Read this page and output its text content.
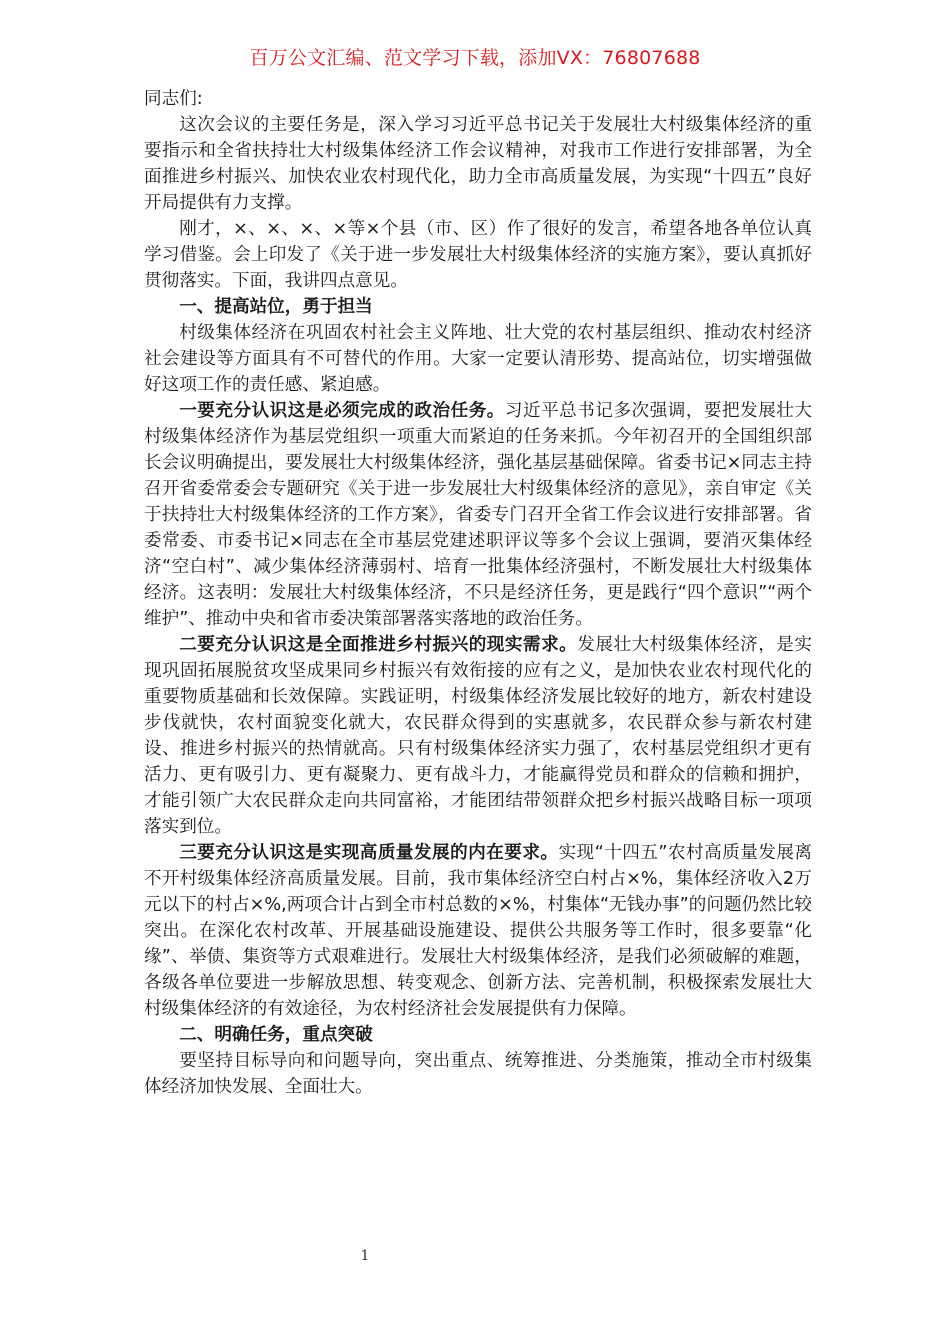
百万公文汇编、范文学习下载，添加VX：76807688

同志们:

这次会议的主要任务是，深入学习习近平总书记关于发展壮大村级集体经济的重要指示和全省扶持壮大村级集体经济工作会议精神，对我市工作进行安排部署，为全面推进乡村振兴、加快农业农村现代化，助力全市高质量发展，为实现“十四五”良好开局提供有力支撑。

刚才，×、×、×、×等×个县（市、区）作了很好的发言，希望各地各单位认真学习借鉴。会上印发了《关于进一步发展壮大村级集体经济的实施方案》，要认真抓好贯彻落实。下面，我讲四点意见。

一、提高站位，勇于担当

村级集体经济在巩固农村社会主义阵地、壮大党的农村基层组织、推动农村经济社会建设等方面具有不可替代的作用。大家一定要认清形势、提高站位，切实增强做好这项工作的责任感、紧迫感。

一要充分认识这是必须完成的政治任务。习近平总书记多次强调，要把发展壮大村级集体经济作为基层党组织一项重大而紧迫的任务来抓。今年初召开的全国组织部长会议明确提出，要发展壮大村级集体经济，强化基层基础保障。省委书记×同志主持召开省委常委会专题研究《关于进一步发展壮大村级集体经济的意见》，亲自审定《关于扶持壮大村级集体经济的工作方案》，省委专门召开全省工作会议进行安排部署。省委常委、市委书记×同志在全市基层党建述职评议等多个会议上强调，要消灭集体经济“空白村”、减少集体经济薄弱村、培育一批集体经济强村，不断发展壮大村级集体经济。这表明：发展壮大村级集体经济，不只是经济任务，更是践行“四个意识”“两个维护”、推动中央和省市委决策部署落实落地的政治任务。

二要充分认识这是全面推进乡村振兴的现实需求。发展壮大村级集体经济，是实现巩固拓展脱贫攻坚成果同乡村振兴有效衔接的应有之义，是加快农业农村现代化的重要物质基础和长效保障。实践证明，村级集体经济发展比较好的地方，新农村建设步伐就快，农村面貌变化就大，农民群众得到的实惠就多，农民群众参与新农村建设、推进乡村振兴的热情就高。只有村级集体经济实力强了，农村基层党组织才更有活力、更有吸引力、更有凝聚力、更有战斗力，才能赢得党员和群众的信赖和拥护，才能引领广大农民群众走向共同富裕，才能团结带领群众把乡村振兴战略目标一项项落实到位。

三要充分认识这是实现高质量发展的内在要求。实现“十四五”农村高质量发展离不开村级集体经济高质量发展。目前，我市集体经济空白村占×%，集体经济收入2万元以下的村占×%,两项合计占到全市村总数的×%，村集体“无钱办事”的问题仍然比较突出。在深化农村改革、开展基础设施建设、提供公共服务等工作时，很多要靠“化缘”、举债、集资等方式艰难进行。发展壮大村级集体经济，是我们必须破解的难题，各级各单位要进一步解放思想、转变观念、创新方法、完善机制，积极探索发展壮大村级集体经济的有效途径，为农村经济社会发展提供有力保障。

二、明确任务，重点突破

要坚持目标导向和问题导向，突出重点、统筹推进、分类施策，推动全市村级集体经济加快发展、全面壮大。

1
